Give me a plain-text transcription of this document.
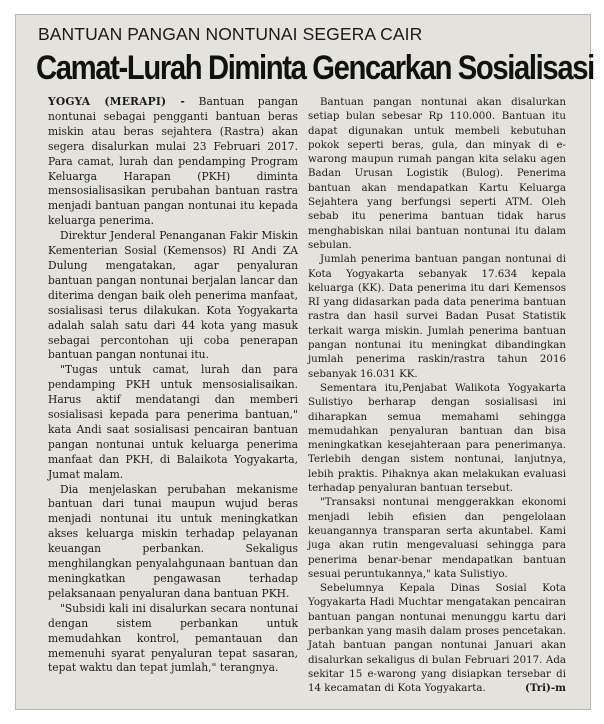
BANTUAN PANGAN NONTUNAI SEGERA CAIR
Camat-Lurah Diminta Gencarkan Sosialisasi

YOGYA (MERAPI) - Bantuan pangan nontunai sebagai pengganti bantuan beras miskin atau beras sejahtera (Rastra) akan segera disalurkan mulai 23 Februari 2017. Para camat, lurah dan pendamping Program Keluarga Harapan (PKH) diminta mensosialisasikan perubahan bantuan rastra menjadi bantuan pangan nontunai itu kepada keluarga penerima.

Direktur Jenderal Penanganan Fakir Miskin Kementerian Sosial (Kemensos) RI Andi ZA Dulung mengatakan, agar penyaluran bantuan pangan nontunai berjalan lancar dan diterima dengan baik oleh penerima manfaat, sosialisasi terus dilakukan. Kota Yogyakarta adalah salah satu dari 44 kota yang masuk sebagai percontohan uji coba penerapan bantuan pangan nontunai itu.

"Tugas untuk camat, lurah dan para pendamping PKH untuk mensosialisaikan. Harus aktif mendatangi dan memberi sosialisasi kepada para penerima bantuan," kata Andi saat sosialisasi pencairan bantuan pangan nontunai untuk keluarga penerima manfaat dan PKH, di Balaikota Yogyakarta, Jumat malam.

Dia menjelaskan perubahan mekanisme bantuan dari tunai maupun wujud beras menjadi nontunai itu untuk meningkatkan akses keluarga miskin terhadap pelayanan keuangan perbankan. Sekaligus menghilangkan penyalahgunaan bantuan dan meningkatkan pengawasan terhadap pelaksanaan penyaluran dana bantuan PKH.

"Subsidi kali ini disalurkan secara nontunai dengan sistem perbankan untuk memudahkan kontrol, pemantauan dan memenuhi syarat penyaluran tepat sasaran, tepat waktu dan tepat jumlah," terangnya.

Bantuan pangan nontunai akan disalurkan setiap bulan sebesar Rp 110.000. Bantuan itu dapat digunakan untuk membeli kebutuhan pokok seperti beras, gula, dan minyak di e-warong maupun rumah pangan kita selaku agen Badan Urusan Logistik (Bulog). Penerima bantuan akan mendapatkan Kartu Keluarga Sejahtera yang berfungsi seperti ATM. Oleh sebab itu penerima bantuan tidak harus menghabiskan nilai bantuan nontunai itu dalam sebulan.

Jumlah penerima bantuan pangan nontunai di Kota Yogyakarta sebanyak 17.634 kepala keluarga (KK). Data penerima itu dari Kemensos RI yang didasarkan pada data penerima bantuan rastra dan hasil survei Badan Pusat Statistik terkait warga miskin. Jumlah penerima bantuan pangan nontunai itu meningkat dibandingkan jumlah penerima raskin/rastra tahun 2016 sebanyak 16.031 KK.

Sementara itu,Penjabat Walikota Yogyakarta Sulistiyo berharap dengan sosialisasi ini diharapkan semua memahami sehingga memudahkan penyaluran bantuan dan bisa meningkatkan kesejahteraan para penerimanya. Terlebih dengan sistem nontunai, lanjutnya, lebih praktis. Pihaknya akan melakukan evaluasi terhadap penyaluran bantuan tersebut.

"Transaksi nontunai menggerakkan ekonomi menjadi lebih efisien dan pengelolaan keuangannya transparan serta akuntabel. Kami juga akan rutin mengevaluasi sehingga para penerima benar-benar mendapatkan bantuan sesuai peruntukannya," kata Sulistiyo.

Sebelumnya Kepala Dinas Sosial Kota Yogyakarta Hadi Muchtar mengatakan pencairan bantuan pangan nontunai menunggu kartu dari perbankan yang masih dalam proses pencetakan. Jatah bantuan pangan nontunai Januari akan disalurkan sekaligus di bulan Februari 2017. Ada sekitar 15 e-warong yang disiapkan tersebar di 14 kecamatan di Kota Yogyakarta.	(Tri)-m
